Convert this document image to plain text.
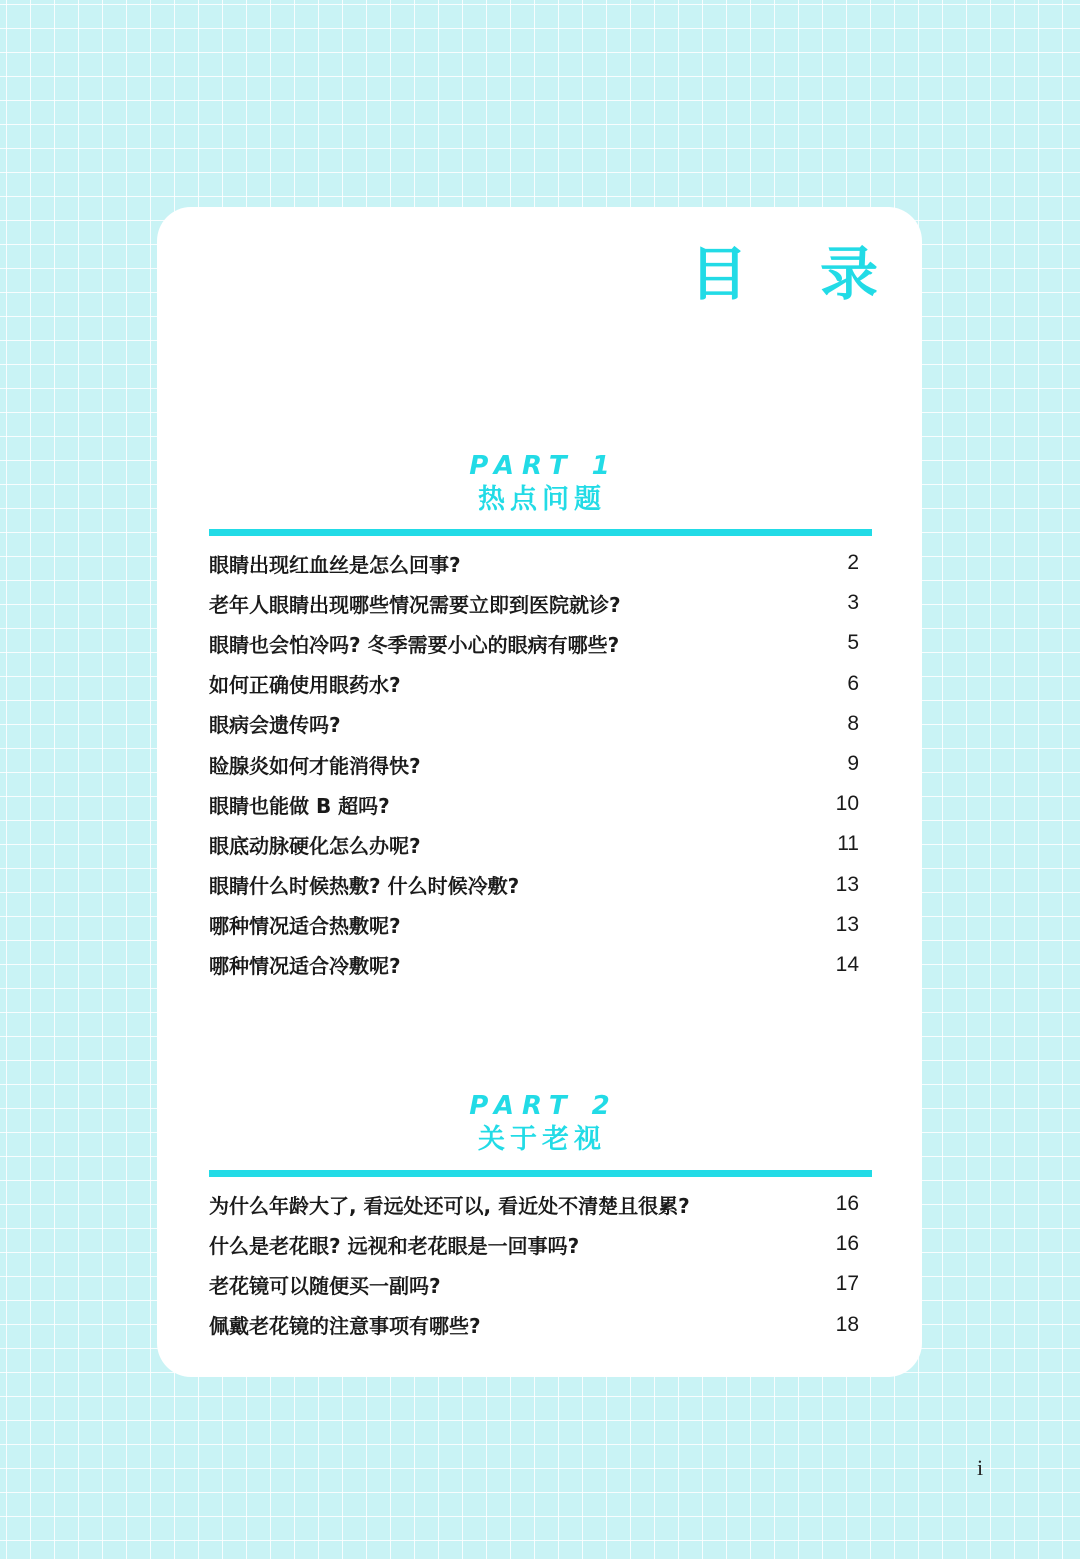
目 录
PART 1
热点问题
眼睛出现红血丝是怎么回事?	2
老年人眼睛出现哪些情况需要立即到医院就诊?	3
眼睛也会怕冷吗? 冬季需要小心的眼病有哪些?	5
如何正确使用眼药水?	6
眼病会遗传吗?	8
睑腺炎如何才能消得快?	9
眼睛也能做 B 超吗?	10
眼底动脉硬化怎么办呢?	11
眼睛什么时候热敷? 什么时候冷敷?	13
哪种情况适合热敷呢?	13
哪种情况适合冷敷呢?	14
PART 2
关于老视
为什么年龄大了, 看远处还可以, 看近处不清楚且很累?	16
什么是老花眼? 远视和老花眼是一回事吗?	16
老花镜可以随便买一副吗?	17
佩戴老花镜的注意事项有哪些?	18
i
